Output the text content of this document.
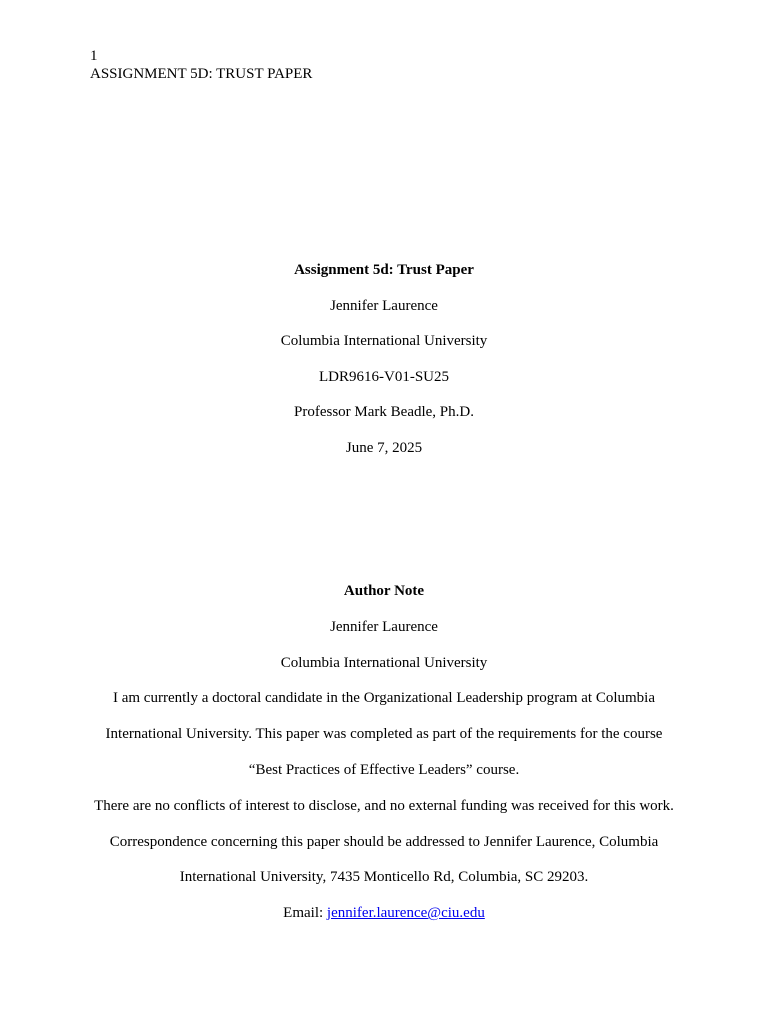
1
ASSIGNMENT 5D: TRUST PAPER
Assignment 5d: Trust Paper
Jennifer Laurence
Columbia International University
LDR9616-V01-SU25
Professor Mark Beadle, Ph.D.
June 7, 2025
Author Note
Jennifer Laurence
Columbia International University
I am currently a doctoral candidate in the Organizational Leadership program at Columbia
International University. This paper was completed as part of the requirements for the course
“Best Practices of Effective Leaders” course.
There are no conflicts of interest to disclose, and no external funding was received for this work.
Correspondence concerning this paper should be addressed to Jennifer Laurence, Columbia
International University, 7435 Monticello Rd, Columbia, SC 29203.
Email: jennifer.laurence@ciu.edu
